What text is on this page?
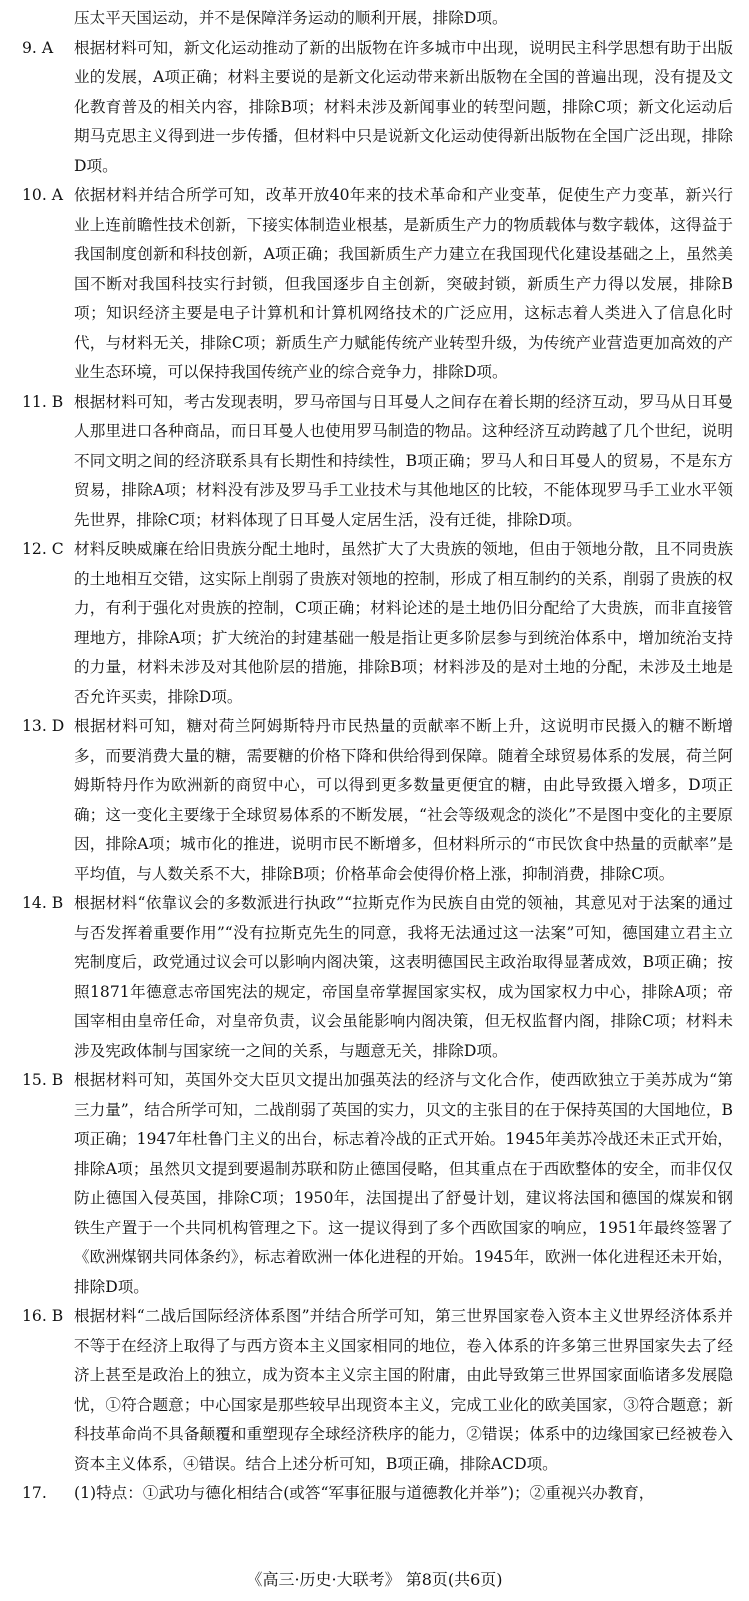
压太平天国运动，并不是保障洋务运动的顺利开展，排除D项。
9. A	根据材料可知，新文化运动推动了新的出版物在许多城市中出现，说明民主科学思想有助于出版业的发展，A项正确；材料主要说的是新文化运动带来新出版物在全国的普遍出现，没有提及文化教育普及的相关内容，排除B项；材料未涉及新闻事业的转型问题，排除C项；新文化运动后期马克思主义得到进一步传播，但材料中只是说新文化运动使得新出版物在全国广泛出现，排除D项。
10. A 依据材料并结合所学可知，改革开放40年来的技术革命和产业变革，促使生产力变革，新兴行业上连前瞻性技术创新，下接实体制造业根基，是新质生产力的物质载体与数字载体，这得益于我国制度创新和科技创新，A项正确；我国新质生产力建立在我国现代化建设基础之上，虽然美国不断对我国科技实行封锁，但我国逐步自主创新，突破封锁，新质生产力得以发展，排除B项；知识经济主要是电子计算机和计算机网络技术的广泛应用，这标志着人类进入了信息化时代，与材料无关，排除C项；新质生产力赋能传统产业转型升级，为传统产业营造更加高效的产业生态环境，可以保持我国传统产业的综合竞争力，排除D项。
11. B 根据材料可知，考古发现表明，罗马帝国与日耳曼人之间存在着长期的经济互动，罗马从日耳曼人那里进口各种商品，而日耳曼人也使用罗马制造的物品。这种经济互动跨越了几个世纪，说明不同文明之间的经济联系具有长期性和持续性，B项正确；罗马人和日耳曼人的贸易，不是东方贸易，排除A项；材料没有涉及罗马手工业技术与其他地区的比较，不能体现罗马手工业水平领先世界，排除C项；材料体现了日耳曼人定居生活，没有迁徙，排除D项。
12. C 材料反映威廉在给旧贵族分配土地时，虽然扩大了大贵族的领地，但由于领地分散，且不同贵族的土地相互交错，这实际上削弱了贵族对领地的控制，形成了相互制约的关系，削弱了贵族的权力，有利于强化对贵族的控制，C项正确；材料论述的是土地仍旧分配给了大贵族，而非直接管理地方，排除A项；扩大统治的封建基础一般是指让更多阶层参与到统治体系中，增加统治支持的力量，材料未涉及对其他阶层的措施，排除B项；材料涉及的是对土地的分配，未涉及土地是否允许买卖，排除D项。
13. D 根据材料可知，糖对荷兰阿姆斯特丹市民热量的贡献率不断上升，这说明市民摄入的糖不断增多，而要消费大量的糖，需要糖的价格下降和供给得到保障。随着全球贸易体系的发展，荷兰阿姆斯特丹作为欧洲新的商贸中心，可以得到更多数量更便宜的糖，由此导致摄入增多，D项正确；这一变化主要缘于全球贸易体系的不断发展，“社会等级观念的淡化”不是图中变化的主要原因，排除A项；城市化的推进，说明市民不断增多，但材料所示的“市民饮食中热量的贡献率”是平均值，与人数关系不大，排除B项；价格革命会使得价格上涨，抑制消费，排除C项。
14. B 根据材料“依靠议会的多数派进行执政”“拉斯克作为民族自由党的领袖，其意见对于法案的通过与否发挥着重要作用”“没有拉斯克先生的同意，我将无法通过这一法案”可知，德国建立君主立宪制度后，政党通过议会可以影响内阁决策，这表明德国民主政治取得显著成效，B项正确；按照1871年德意志帝国宪法的规定，帝国皇帝掌握国家实权，成为国家权力中心，排除A项；帝国宰相由皇帝任命，对皇帝负责，议会虽能影响内阁决策，但无权监督内阁，排除C项；材料未涉及宪政体制与国家统一之间的关系，与题意无关，排除D项。
15. B 根据材料可知，英国外交大臣贝文提出加强英法的经济与文化合作，使西欧独立于美苏成为“第三力量”，结合所学可知，二战削弱了英国的实力，贝文的主张目的在于保持英国的大国地位，B项正确；1947年杜鲁门主义的出台，标志着冷战的正式开始。1945年美苏冷战还未正式开始，排除A项；虽然贝文提到要遏制苏联和防止德国侵略，但其重点在于西欧整体的安全，而非仅仅防止德国入侵英国，排除C项；1950年，法国提出了舒曼计划，建议将法国和德国的煤炭和钢铁生产置于一个共同机构管理之下。这一提议得到了多个西欧国家的响应，1951年最终签署了《欧洲煤钢共同体条约》，标志着欧洲一体化进程的开始。1945年，欧洲一体化进程还未开始，排除D项。
16. B 根据材料“二战后国际经济体系图”并结合所学可知，第三世界国家卷入资本主义世界经济体系并不等于在经济上取得了与西方资本主义国家相同的地位，卷入体系的许多第三世界国家失去了经济上甚至是政治上的独立，成为资本主义宗主国的附庸，由此导致第三世界国家面临诸多发展隐忧，①符合题意；中心国家是那些较早出现资本主义，完成工业化的欧美国家，③符合题意；新科技革命尚不具备颠覆和重塑现存全球经济秩序的能力，②错误；体系中的边缘国家已经被卷入资本主义体系，④错误。结合上述分析可知，B项正确，排除ACD项。
17.	(1)特点：①武功与德化相结合(或答“军事征服与道德教化并举”)；②重视兴办教育，
《高三·历史·大联考》 第8页(共6页)
